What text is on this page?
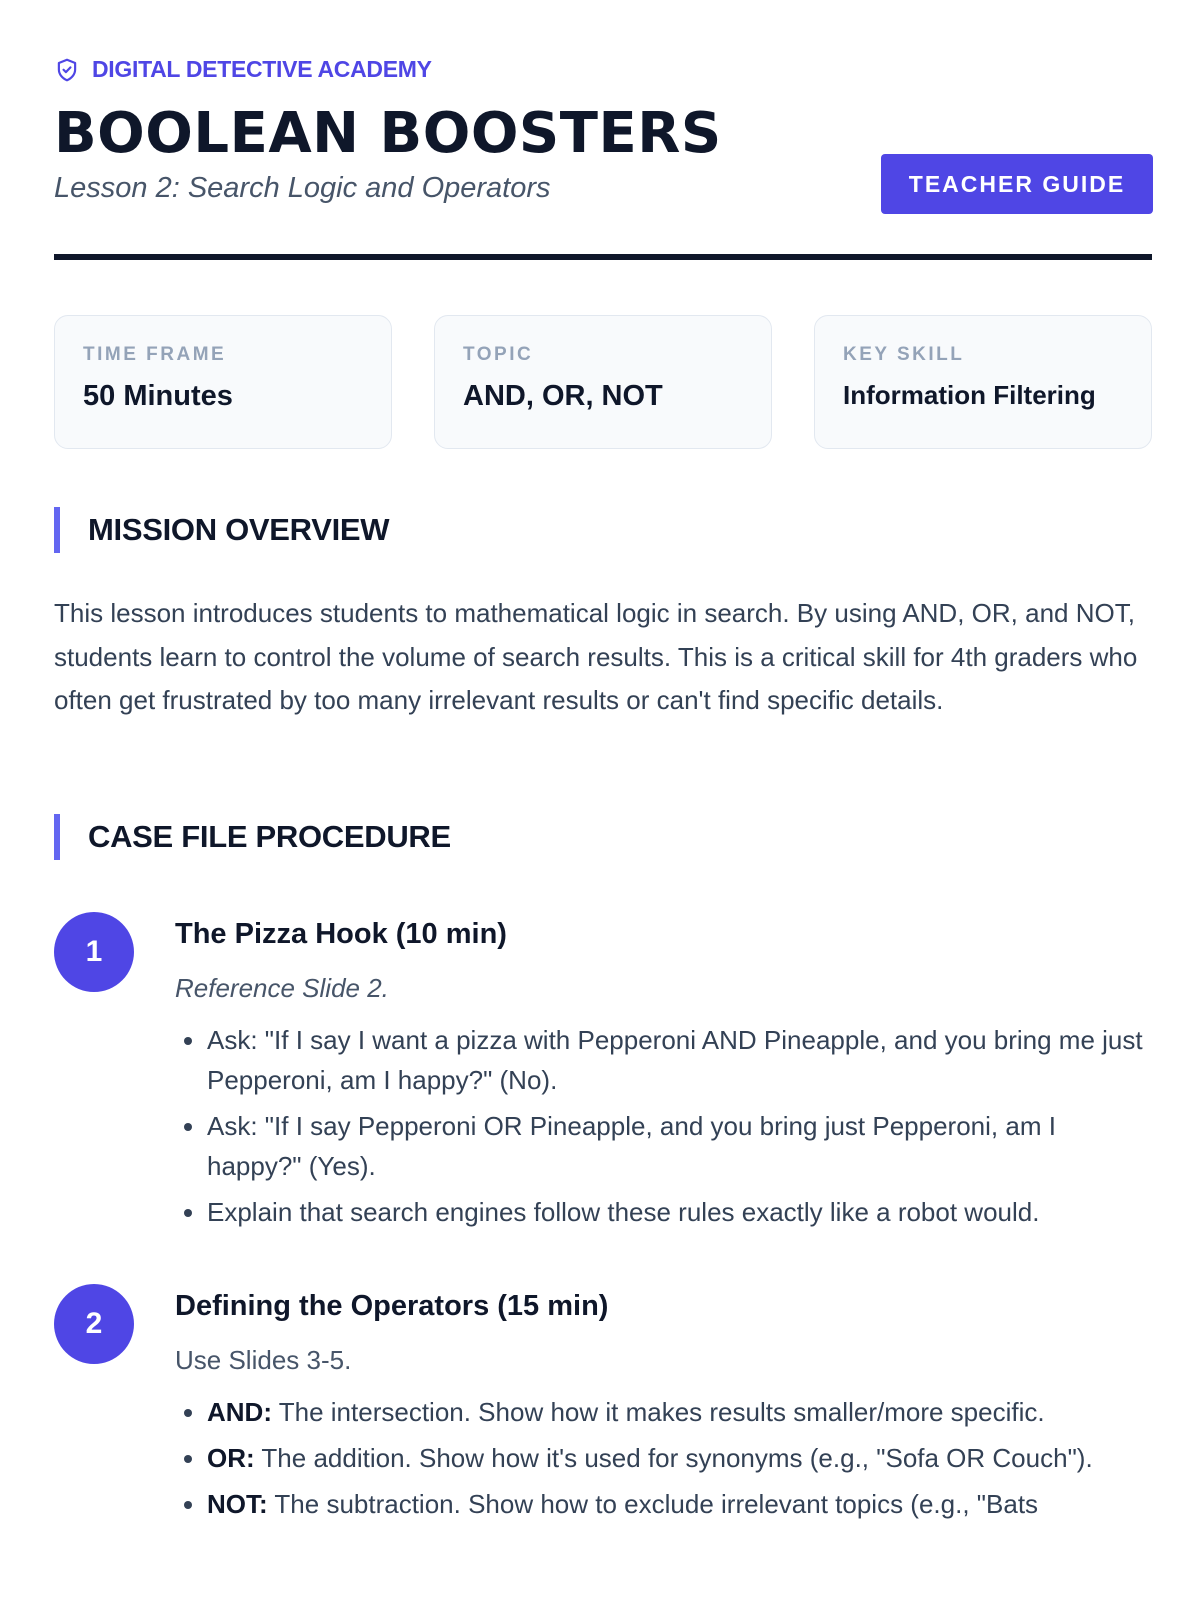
DIGITAL DETECTIVE ACADEMY
BOOLEAN BOOSTERS

Lesson 2: Search Logic and Operators	TEACHER GUIDE
TIME FRAME
50 Minutes
TOPIC
AND, OR, NOT
KEY SKILL
Information Filtering
MISSION OVERVIEW

This lesson introduces students to mathematical logic in search. By using AND, OR, and NOT, students learn to control the volume of search results. This is a critical skill for 4th graders who often get frustrated by too many irrelevant results or can't find specific details.

CASE FILE PROCEDURE
1
The Pizza Hook (10 min)

Reference Slide 2.

• Ask: "If I say I want a pizza with Pepperoni AND Pineapple, and you bring me just Pepperoni, am I happy?" (No).
• Ask: "If I say Pepperoni OR Pineapple, and you bring just Pepperoni, am I happy?" (Yes).
• Explain that search engines follow these rules exactly like a robot would.
2
Defining the Operators (15 min)

Use Slides 3-5.

• AND: The intersection. Show how it makes results smaller/more specific.
• OR: The addition. Show how it's used for synonyms (e.g., "Sofa OR Couch").
• NOT: The subtraction. Show how to exclude irrelevant topics (e.g., "Bats
